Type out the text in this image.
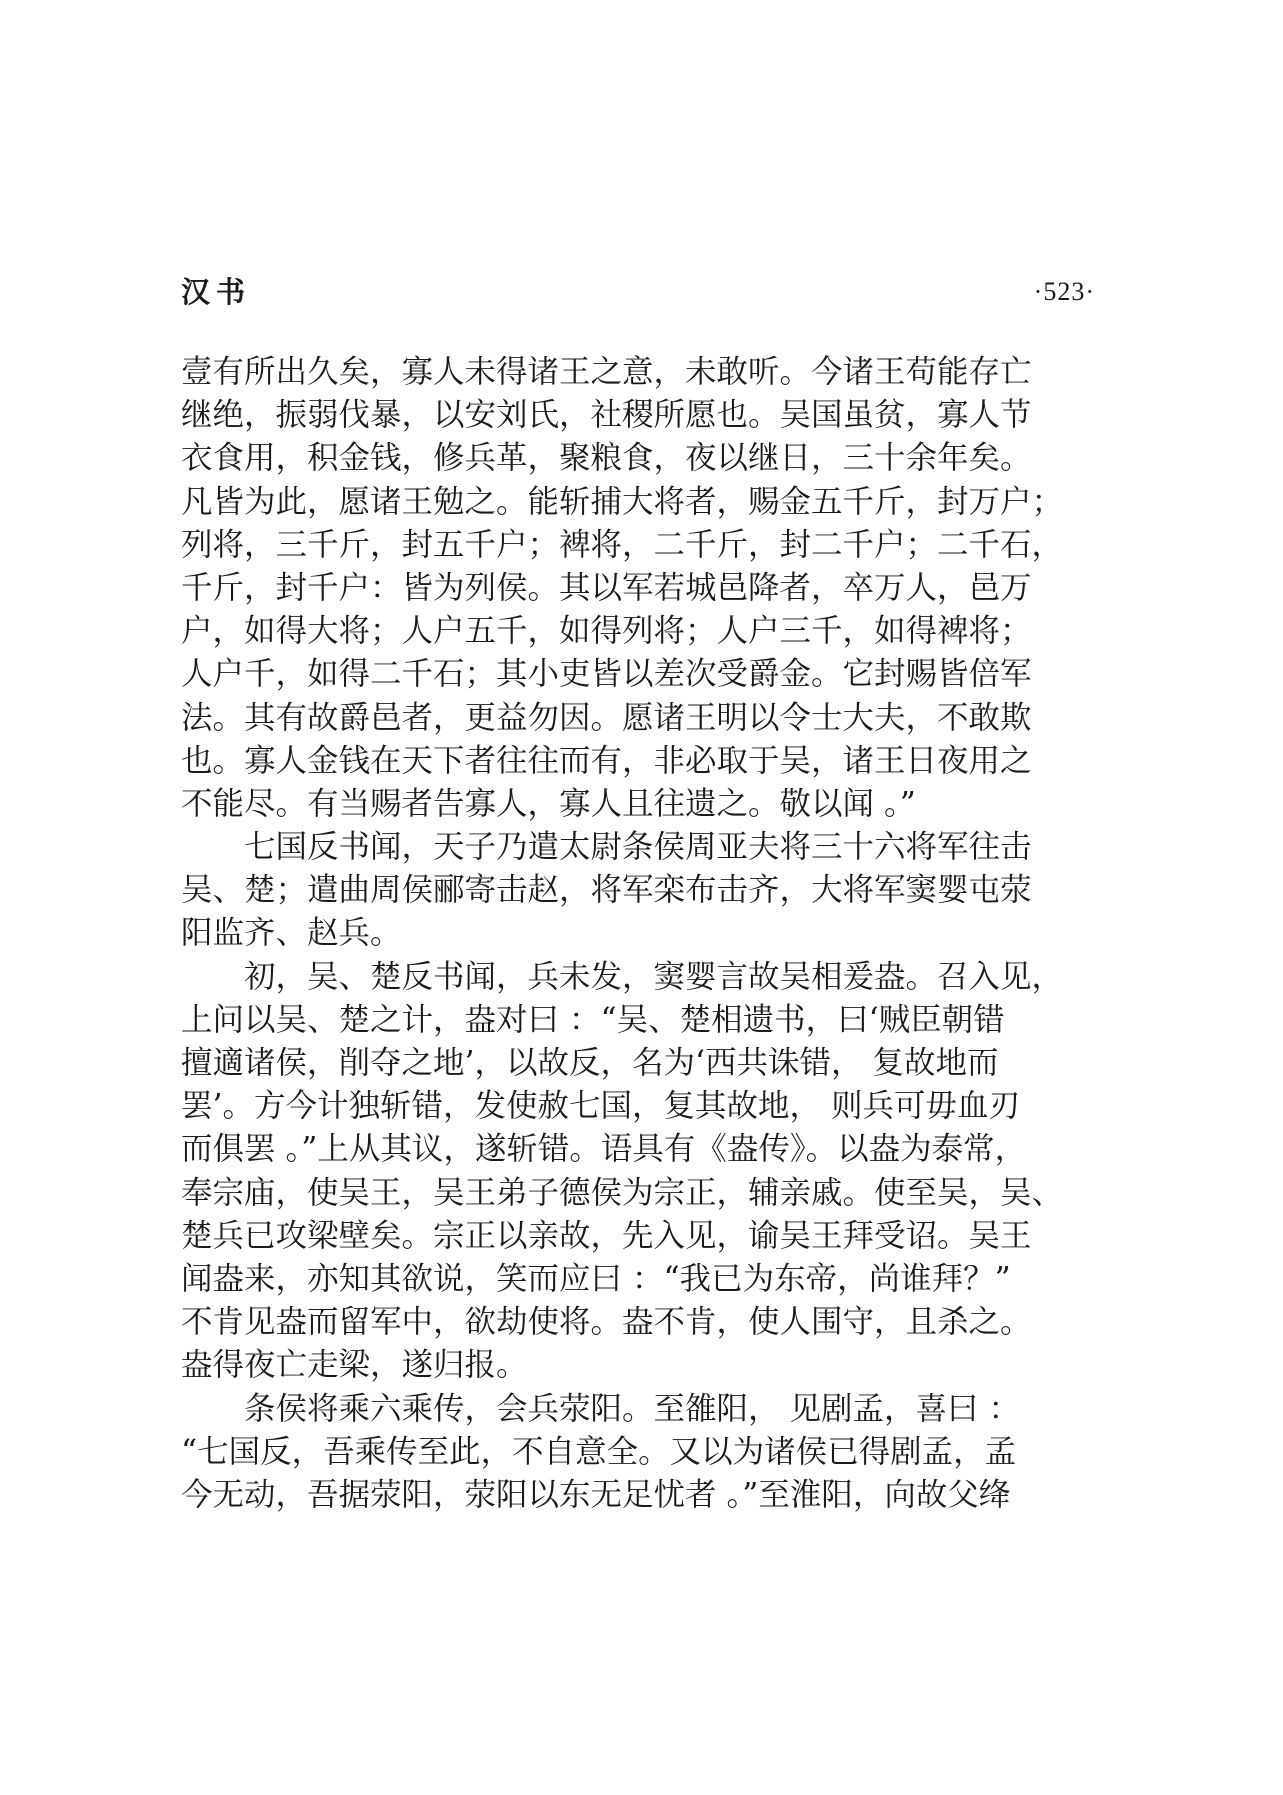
汉书	·523·
壹有所出久矣，寡人未得诸王之意，未敢听。今诸王苟能存亡
继绝，振弱伐暴，以安刘氏，社稷所愿也。吴国虽贫，寡人节
衣食用，积金钱，修兵革，聚粮食，夜以继日，三十余年矣。
凡皆为此，愿诸王勉之。能斩捕大将者，赐金五千斤，封万户；
列将，三千斤，封五千户；裨将，二千斤，封二千户；二千石，
千斤，封千户：皆为列侯。其以军若城邑降者，卒万人，邑万
户，如得大将；人户五千，如得列将；人户三千，如得裨将；
人户千，如得二千石；其小吏皆以差次受爵金。它封赐皆倍军
法。其有故爵邑者，更益勿因。愿诸王明以令士大夫，不敢欺
也。寡人金钱在天下者往往而有，非必取于吴，诸王日夜用之
不能尽。有当赐者告寡人，寡人且往遗之。敬以闻 。”
七国反书闻，天子乃遣太尉条侯周亚夫将三十六将军往击
吴、楚；遣曲周侯郦寄击赵，将军栾布击齐，大将军窦婴屯荥
阳监齐、赵兵。
初，吴、楚反书闻，兵未发，窦婴言故吴相爰盎。召入见，
上问以吴、楚之计，盎对曰 ：“吴、楚相遗书，曰‘贼臣朝错
擅適诸侯，削夺之地’，以故反，名为‘西共诛错， 复故地而
罢’。方今计独斩错，发使赦七国，复其故地， 则兵可毋血刃
而俱罢 。”上从其议，遂斩错。语具有《盎传》。以盎为泰常，
奉宗庙，使吴王，吴王弟子德侯为宗正，辅亲戚。使至吴，吴、
楚兵已攻梁壁矣。宗正以亲故，先入见，谕吴王拜受诏。吴王
闻盎来，亦知其欲说，笑而应曰 ：“我已为东帝，尚谁拜？”
不肯见盎而留军中，欲劫使将。盎不肯，使人围守，且杀之。
盎得夜亡走梁，遂归报。
条侯将乘六乘传，会兵荥阳。至雒阳， 见剧孟，喜曰 ：
“七国反，吾乘传至此，不自意全。又以为诸侯已得剧孟，孟
今无动，吾据荥阳，荥阳以东无足忧者 。”至淮阳，向故父绛
